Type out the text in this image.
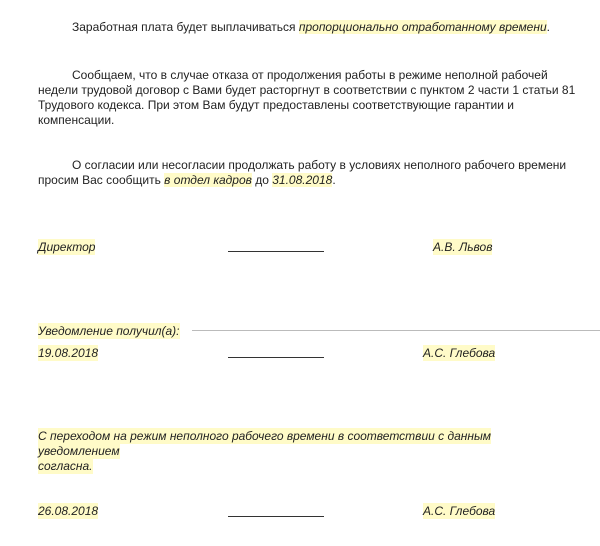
Заработная плата будет выплачиваться пропорционально отработанному времени.
Сообщаем, что в случае отказа от продолжения работы в режиме неполной рабочей
недели трудовой договор с Вами будет расторгнут в соответствии с пунктом 2 части 1 статьи 81
Трудового кодекса. При этом Вам будут предоставлены соответствующие гарантии и
компенсации.
О согласии или несогласии продолжать работу в условиях неполного рабочего времени
просим Вас сообщить в отдел кадров до 31.08.2018.
Директор	А.В. Львов
Уведомление получил(а):
19.08.2018	А.С. Глебова
С переходом на режим неполного рабочего времени в соответствии с данным
уведомлением
согласна.
26.08.2018	А.С. Глебова
